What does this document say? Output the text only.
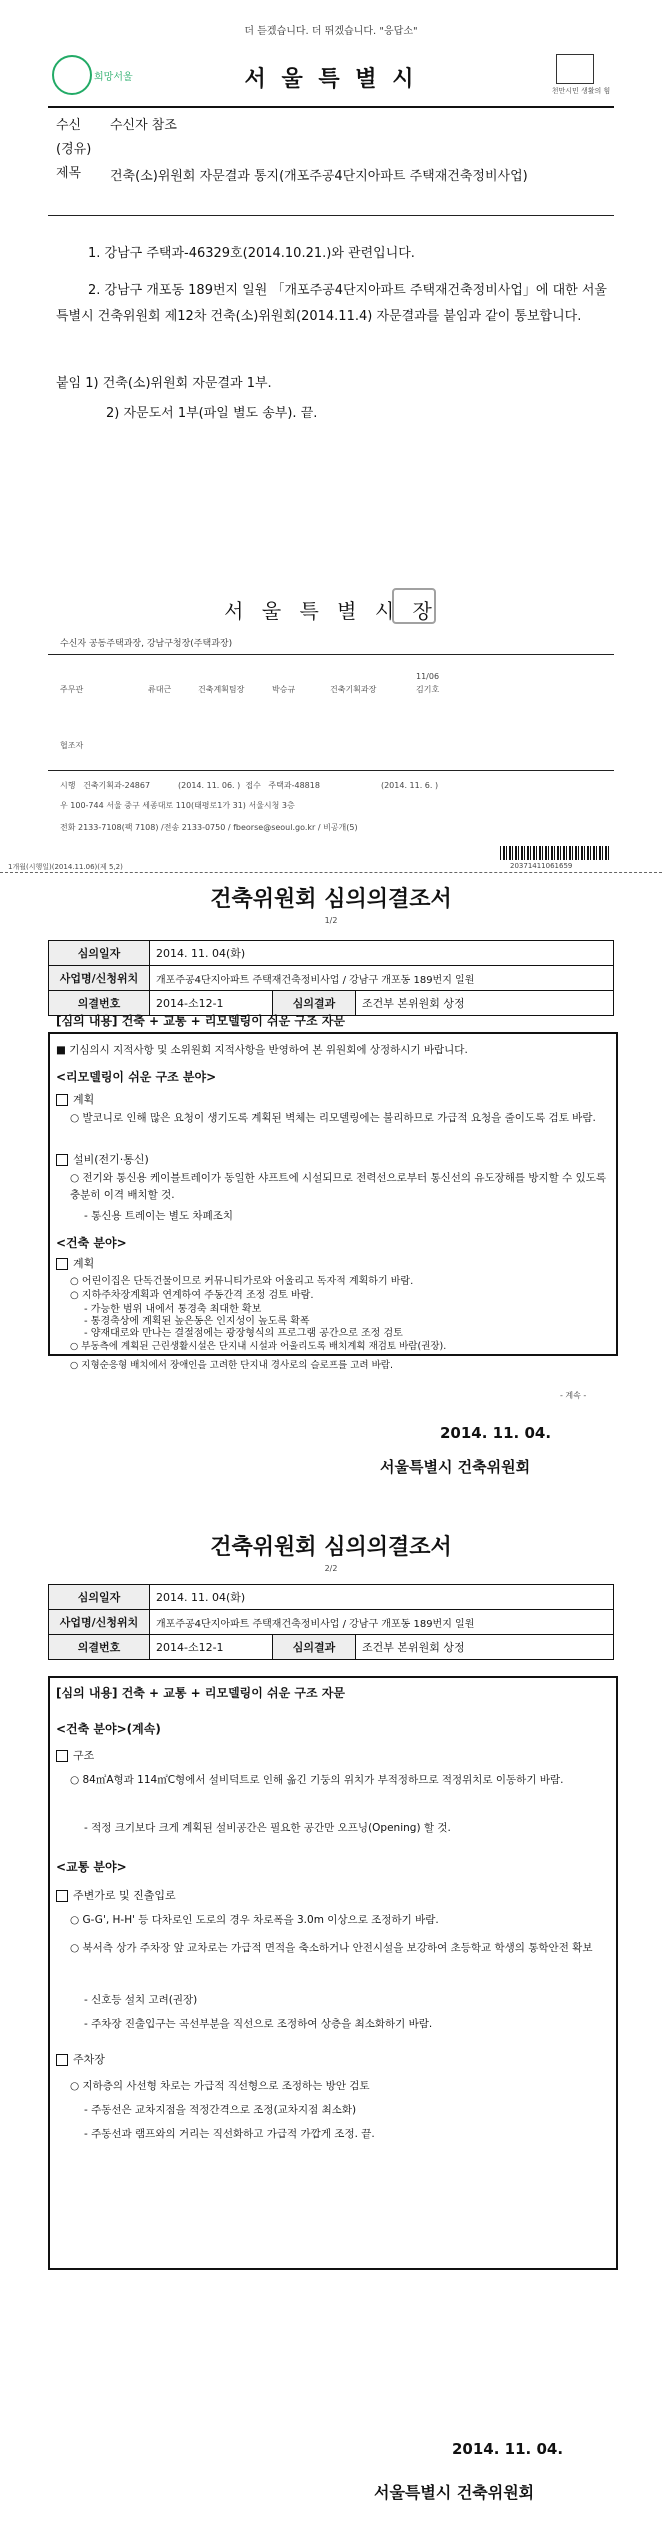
더 듣겠습니다. 더 뛰겠습니다. "응답소"
희망서울	서 울 특 별 시	천만시민 생활의 힘
수신 수신자 참조
(경유)
제목 건축(소)위원회 자문결과 통지(개포주공4단지아파트 주택재건축정비사업)
1. 강남구 주택과-46329호(2014.10.21.)와 관련입니다.
2. 강남구 개포동 189번지 일원 「개포주공4단지아파트 주택재건축정비사업」에 대한 서울특별시 건축위원회 제12차 건축(소)위원회(2014.11.4) 자문결과를 붙임과 같이 통보합니다.
붙임 1) 건축(소)위원회 자문결과 1부.
2) 자문도서 1부(파일 별도 송부). 끝.
서 울 특 별 시 장
수신자 공동주택과장, 강남구청장(주택과장)
주무관	류대근	건축계획팀장	박승규	건축기획과장
11/06
김기호
협조자
시행   건축기획과-24867           (2014. 11. 06. )  접수   주택과-48818                        (2014. 11. 6. )
우 100-744 서울 중구 세종대로 110(태평로1가 31) 서울시청 3층
전화 2133-7108(팩 7108) /전송 2133-0750 / fbeorse@seoul.go.kr / 비공개(5)
20371411061659
1개월(시행일)(2014.11.06)(제 5,2)
건축위원회 심의의결조서
1/2
심의일자	2014. 11. 04(화)		
사업명/신청위치	개포주공4단지아파트 주택재건축정비사업 / 강남구 개포동 189번지 일원		
의결번호	2014-소12-1	심의결과	조건부 본위원회 상정
[심의 내용] 건축 + 교통 + 리모델링이 쉬운 구조 자문
■ 기심의시 지적사항 및 소위원회 지적사항을 반영하여 본 위원회에 상정하시기 바랍니다.
<리모델링이 쉬운 구조 분야>
계획
○ 발코니로 인해 많은 요청이 생기도록 계획된 벽체는 리모델링에는 불리하므로 가급적 요청을 줄이도록 검토 바람.
설비(전기·통신)
○ 전기와 통신용 케이블트레이가 동일한 샤프트에 시설되므로 전력선으로부터 통신선의 유도장해를 방지할 수 있도록 충분히 이격 배치할 것.
- 통신용 트레이는 별도 차폐조치
<건축 분야>
계획
○ 어린이집은 단독건물이므로 커뮤니티가로와 어울리고 독자적 계획하기 바람.
○ 지하주차장계획과 연계하여 주동간격 조정 검토 바람.
- 가능한 범위 내에서 통경축 최대한 확보
- 통경축상에 계획된 높은동은 인지성이 높도록 확폭
- 양재대로와 만나는 결절점에는 광장형식의 프로그램 공간으로 조정 검토
○ 부동측에 계획된 근린생활시설은 단지내 시설과 어울리도록 배치계획 재검토 바람(권장).
○ 지형순응형 배치에서 장애인을 고려한 단지내 경사로의 슬로프를 고려 바람.
- 계속 -
2014. 11. 04.
서울특별시 건축위원회
건축위원회 심의의결조서
2/2
심의일자	2014. 11. 04(화)		
사업명/신청위치	개포주공4단지아파트 주택재건축정비사업 / 강남구 개포동 189번지 일원		
의결번호	2014-소12-1	심의결과	조건부 본위원회 상정
[심의 내용] 건축 + 교통 + 리모델링이 쉬운 구조 자문
<건축 분야>(계속)
구조
○ 84㎡A형과 114㎡C형에서 설비덕트로 인해 옮긴 기둥의 위치가 부적정하므로 적정위치로 이동하기 바람.
- 적정 크기보다 크게 계획된 설비공간은 필요한 공간만 오프닝(Opening) 할 것.
<교통 분야>
주변가로 및 진출입로
○ G-G', H-H' 등 다차로인 도로의 경우 차로폭을 3.0m 이상으로 조정하기 바람.
○ 북서측 상가 주차장 앞 교차로는 가급적 면적을 축소하거나 안전시설을 보강하여 초등학교 학생의 통학안전 확보
- 신호등 설치 고려(권장)
- 주차장 진출입구는 곡선부분을 직선으로 조정하여 상층을 최소화하기 바람.
주차장
○ 지하층의 사선형 차로는 가급적 직선형으로 조정하는 방안 검토
- 주동선은 교차지점을 적정간격으로 조정(교차지점 최소화)
- 주동선과 램프와의 거리는 직선화하고 가급적 가깝게 조정. 끝.
2014. 11. 04.
서울특별시 건축위원회
